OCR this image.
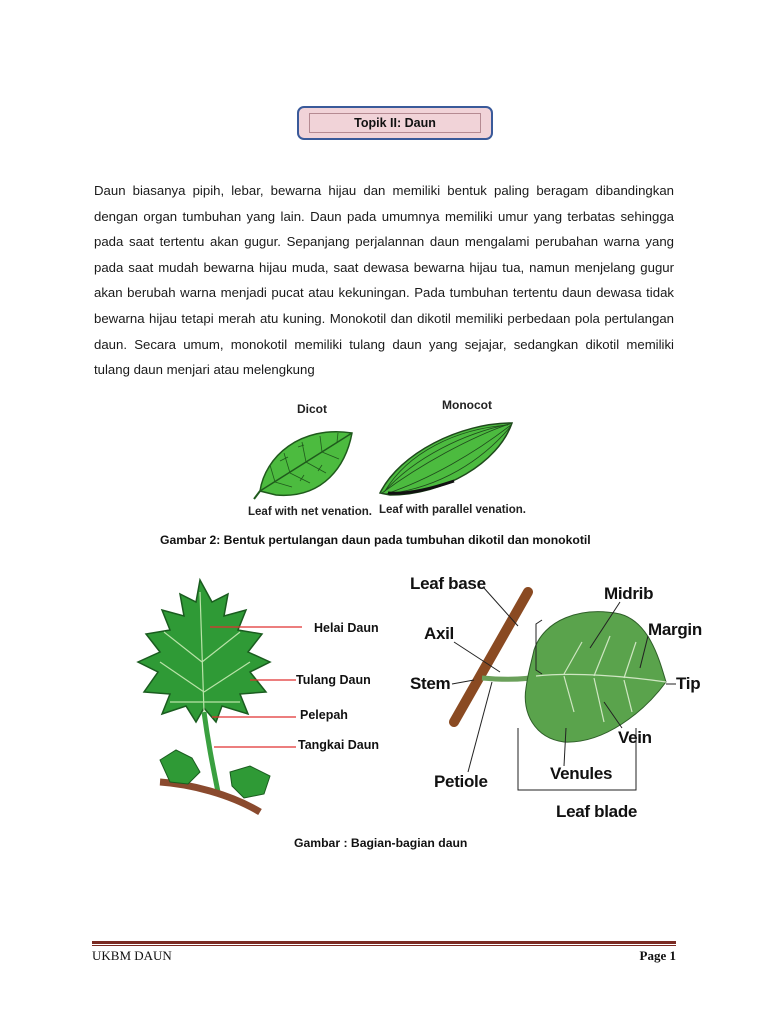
Topik II: Daun
Daun biasanya pipih, lebar, bewarna hijau dan memiliki bentuk paling beragam dibandingkan dengan organ tumbuhan yang lain. Daun pada umumnya memiliki umur yang terbatas sehingga pada saat tertentu akan gugur. Sepanjang perjalannan daun mengalami perubahan warna yang pada saat mudah bewarna hijau muda, saat dewasa bewarna hijau tua, namun menjelang gugur akan berubah warna menjadi pucat atau kekuningan. Pada tumbuhan tertentu daun dewasa tidak bewarna hijau tetapi merah atu kuning. Monokotil dan dikotil memiliki perbedaan pola pertulangan daun. Secara umum, monokotil memiliki tulang daun yang sejajar, sedangkan dikotil memiliki tulang daun menjari atau melengkung
Dicot	Monocot
Leaf with net venation. Leaf with parallel venation.
Gambar 2: Bentuk pertulangan daun pada tumbuhan dikotil dan monokotil
Helai Daun
Tulang Daun
Pelepah
Tangkai Daun
Leaf base
Axil
Stem
Petiole
Midrib
Margin
Tip
Vein
Venules
Leaf blade
Gambar : Bagian-bagian daun
UKBM DAUN	Page 1
